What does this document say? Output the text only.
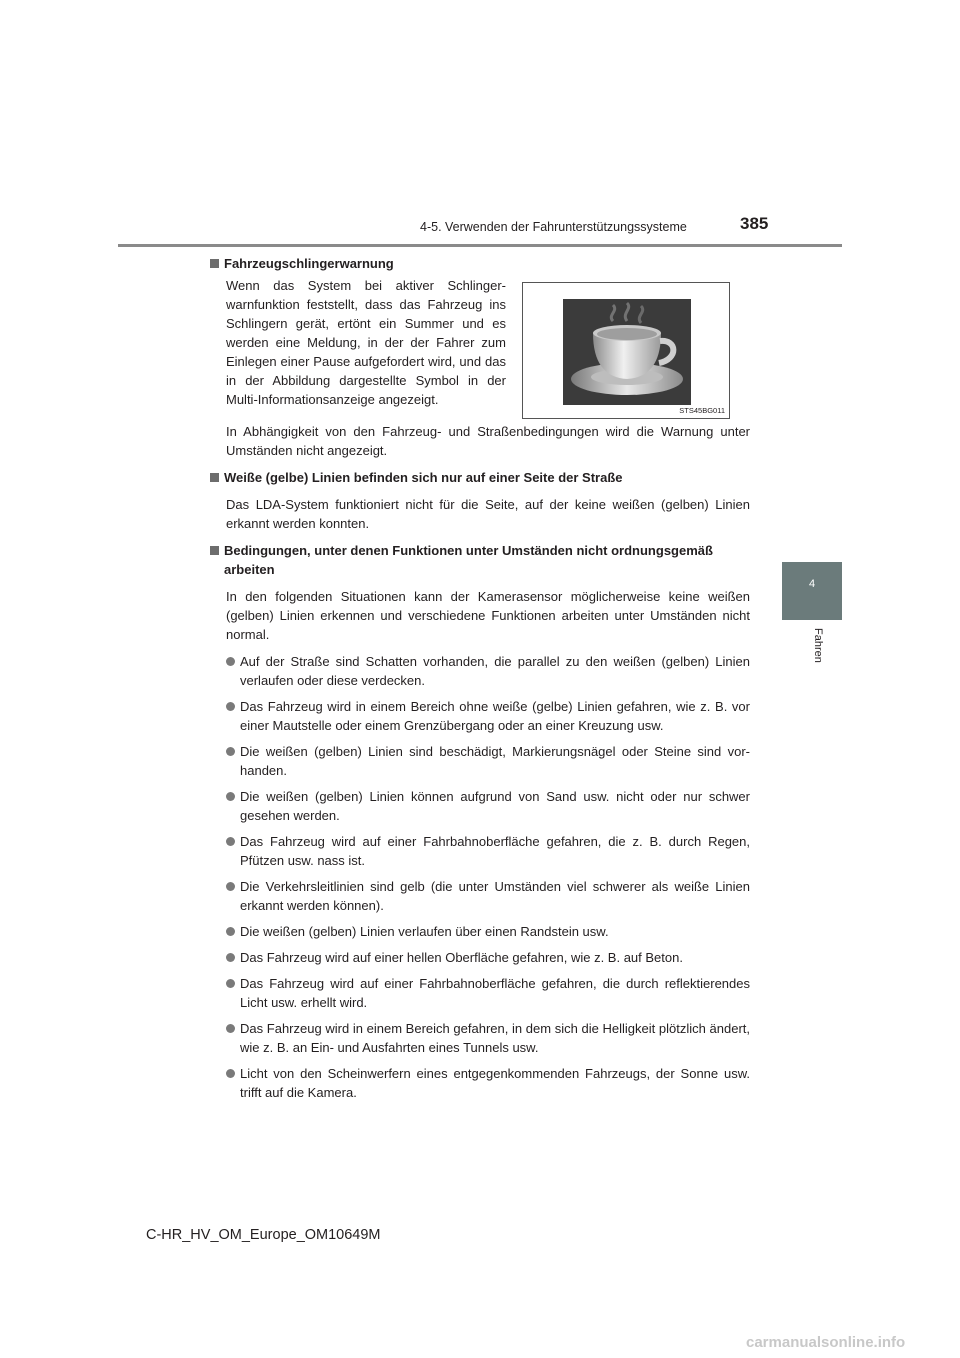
4-5. Verwenden der Fahrunterstützungssysteme	385
4
Fahren
Fahrzeugschlingerwarnung
Wenn das System bei aktiver Schlinger-warnfunktion feststellt, dass das Fahrzeug ins Schlingern gerät, ertönt ein Summer und es werden eine Meldung, in der der Fahrer zum Einlegen einer Pause aufgefordert wird, und das in der Abbildung dargestellte Symbol in der Multi-Informationsanzeige angezeigt.
STS45BG011

In Abhängigkeit von den Fahrzeug- und Straßenbedingungen wird die Warnung unter Umständen nicht angezeigt.

Weiße (gelbe) Linien befinden sich nur auf einer Seite der Straße

Das LDA-System funktioniert nicht für die Seite, auf der keine weißen (gelben) Linien erkannt werden konnten.

Bedingungen, unter denen Funktionen unter Umständen nicht ordnungsgemäß arbeiten

In den folgenden Situationen kann der Kamerasensor möglicherweise keine weißen (gelben) Linien erkennen und verschiedene Funktionen arbeiten unter Umständen nicht normal.

Auf der Straße sind Schatten vorhanden, die parallel zu den weißen (gelben) Linien verlaufen oder diese verdecken.
Das Fahrzeug wird in einem Bereich ohne weiße (gelbe) Linien gefahren, wie z. B. vor einer Mautstelle oder einem Grenzübergang oder an einer Kreuzung usw.
Die weißen (gelben) Linien sind beschädigt, Markierungsnägel oder Steine sind vor-handen.
Die weißen (gelben) Linien können aufgrund von Sand usw. nicht oder nur schwer gesehen werden.
Das Fahrzeug wird auf einer Fahrbahnoberfläche gefahren, die z. B. durch Regen, Pfützen usw. nass ist.
Die Verkehrsleitlinien sind gelb (die unter Umständen viel schwerer als weiße Linien erkannt werden können).
Die weißen (gelben) Linien verlaufen über einen Randstein usw.
Das Fahrzeug wird auf einer hellen Oberfläche gefahren, wie z. B. auf Beton.
Das Fahrzeug wird auf einer Fahrbahnoberfläche gefahren, die durch reflektierendes Licht usw. erhellt wird.
Das Fahrzeug wird in einem Bereich gefahren, in dem sich die Helligkeit plötzlich ändert, wie z. B. an Ein- und Ausfahrten eines Tunnels usw.
Licht von den Scheinwerfern eines entgegenkommenden Fahrzeugs, der Sonne usw. trifft auf die Kamera.
C-HR_HV_OM_Europe_OM10649M
carmanualsonline.info
